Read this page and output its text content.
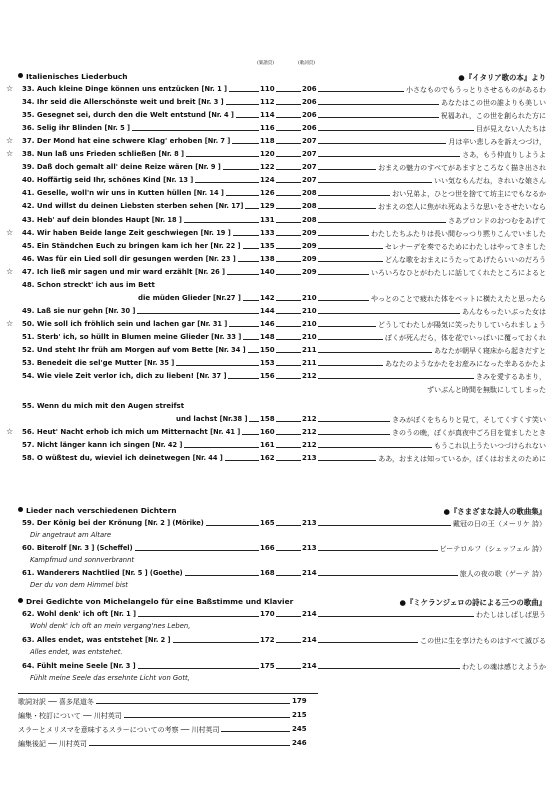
(楽譜頁)	(歌詞頁)
Italienisches Liederbuch	●『イタリア歌の本』より
☆ 33. Auch kleine Dinge können uns entzücken [Nr. 1 ]	110	206	小さなものでもうっとりさせるものがあるわ
34. Ihr seid die Allerschönste weit und breit [Nr. 3 ]	112	206	あなたはこの世の誰よりも美しい
35. Gesegnet sei, durch den die Welt entstund [Nr. 4 ]	114	206	祝福あれ，この世を創られた方に
36. Selig ihr Blinden [Nr. 5 ]	116	206	目が見えない人たちは
☆ 37. Der Mond hat eine schwere Klag' erhoben [Nr. 7 ]	118	207	月は辛い悲しみを訴えつづけ，
☆ 38. Nun laß uns Frieden schließen [Nr. 8 ]	120	207	さあ，もう仲直りしようよ
39. Daß doch gemalt all' deine Reize wären [Nr. 9 ]	122	207	おまえの魅力のすべてがあますところなく描き出され
40. Hoffärtig seid Ihr, schönes Kind [Nr. 13 ]	124	207	いい気なもんだね，きれいな娘さん
41. Geselle, woll'n wir uns in Kutten hüllen [Nr. 14 ]	126	208	おい兄弟よ，ひとつ世を捨てて坊主にでもなるか
42. Und willst du deinen Liebsten sterben sehen [Nr. 17] 129	208	おまえの恋人に焦がれ死ぬような思いをさせたいなら
43. Heb' auf dein blondes Haupt [Nr. 18 ]	131	208	さあブロンドのおつむをあげて
☆ 44. Wir haben Beide lange Zeit geschwiegen [Nr. 19 ]	133	209	わたしたちふたりは長い間むっつり黙りこんでいました
45. Ein Ständchen Euch zu bringen kam ich her [Nr. 22 ]	135	209	セレナーデを奏でるためにわたしはやってきました
46. Was für ein Lied soll dir gesungen werden [Nr. 23 ]	138	209	どんな歌をおまえにうたってあげたらいいのだろう
☆ 47. Ich ließ mir sagen und mir ward erzählt [Nr. 26 ]	140	209	いろいろなひとがわたしに話してくれたところによると
48. Schon streckt' ich aus im Bett
die müden Glieder [Nr.27 ]	142	210	やっとのことで疲れた体をベットに横たえたと思ったら
49. Laß sie nur gehn [Nr. 30 ]	144	210	あんなもったいぶった女は
☆ 50. Wie soll ich fröhlich sein und lachen gar [Nr. 31 ]	146	210	どうしてわたしが陽気に笑ったりしていられましょう
51. Sterb' ich, so hüllt in Blumen meine Glieder [Nr. 33 ]	148	210	ぼくが死んだら，体を花でいっぱいに覆っておくれ
52. Und steht Ihr früh am Morgen auf vom Bette [Nr. 34 ] 150	211	あなたが朝早く寝床から起きだすと
53. Benedeit die sel'ge Mutter [Nr. 35 ]	153	211	あなたのようなかたをお産みになった幸あるかたよ
54. Wie viele Zeit verlor ich, dich zu lieben! [Nr. 37 ]	156	212	きみを愛するあまり，
ずいぶんと時間を無駄にしてしまった
55. Wenn du mich mit den Augen streifst
und lachst [Nr.38 ] 158	212	きみがぼくをちらりと見て，そしてくすくす笑い
☆ 56. Heut' Nacht erhob ich mich um Mitternacht [Nr. 41 ]	160	212	きのうの晩，ぼくが真夜中ごろ目を覚ましたとき
57. Nicht länger kann ich singen [Nr. 42 ]	161	212	もうこれ以上うたいつづけられない
58. O wüßtest du, wieviel ich deinetwegen [Nr. 44 ]	162	213	ああ，おまえは知っているか，ぼくはおまえのために
Lieder nach verschiedenen Dichtern	●『さまざまな詩人の歌曲集』
59. Der König bei der Krönung [Nr. 2 ] (Mörike)	165	213	戴冠の日の王（メーリケ 詩）
Dir angetraut am Altare
60. Biterolf [Nr. 3 ] (Scheffel)	166	213	ビーテロルフ（シェッフェル 詩）
Kampfmud und sonnverbrannt
61. Wanderers Nachtlied [Nr. 5 ] (Goethe)	168	214	旅人の夜の歌（ゲーテ 詩）
Der du von dem Himmel bist
Drei Gedichte von Michelangelo für eine Baßstimme und Klavier	●『ミケランジェロの詩による三つの歌曲』
62. Wohl denk' ich oft [Nr. 1 ]	170	214	わたしはしばしば思う
Wohl denk' ich oft an mein vergang'nes Leben,
63. Alles endet, was entstehet [Nr. 2 ]	172	214	この世に生を享けたものはすべて滅びる
Alles endet, was entstehet.
64. Fühlt meine Seele [Nr. 3 ]	175	214	わたしの魂は感じえようか
Fühlt meine Seele das ersehnte Licht von Gott,
歌詞対訳 ── 喜多尾道冬	179
編集・校訂について ── 川村英司	215
スラーとメリスマを意味するスラーについての考察 ── 川村英司	245
編集後記 ── 川村英司	246
